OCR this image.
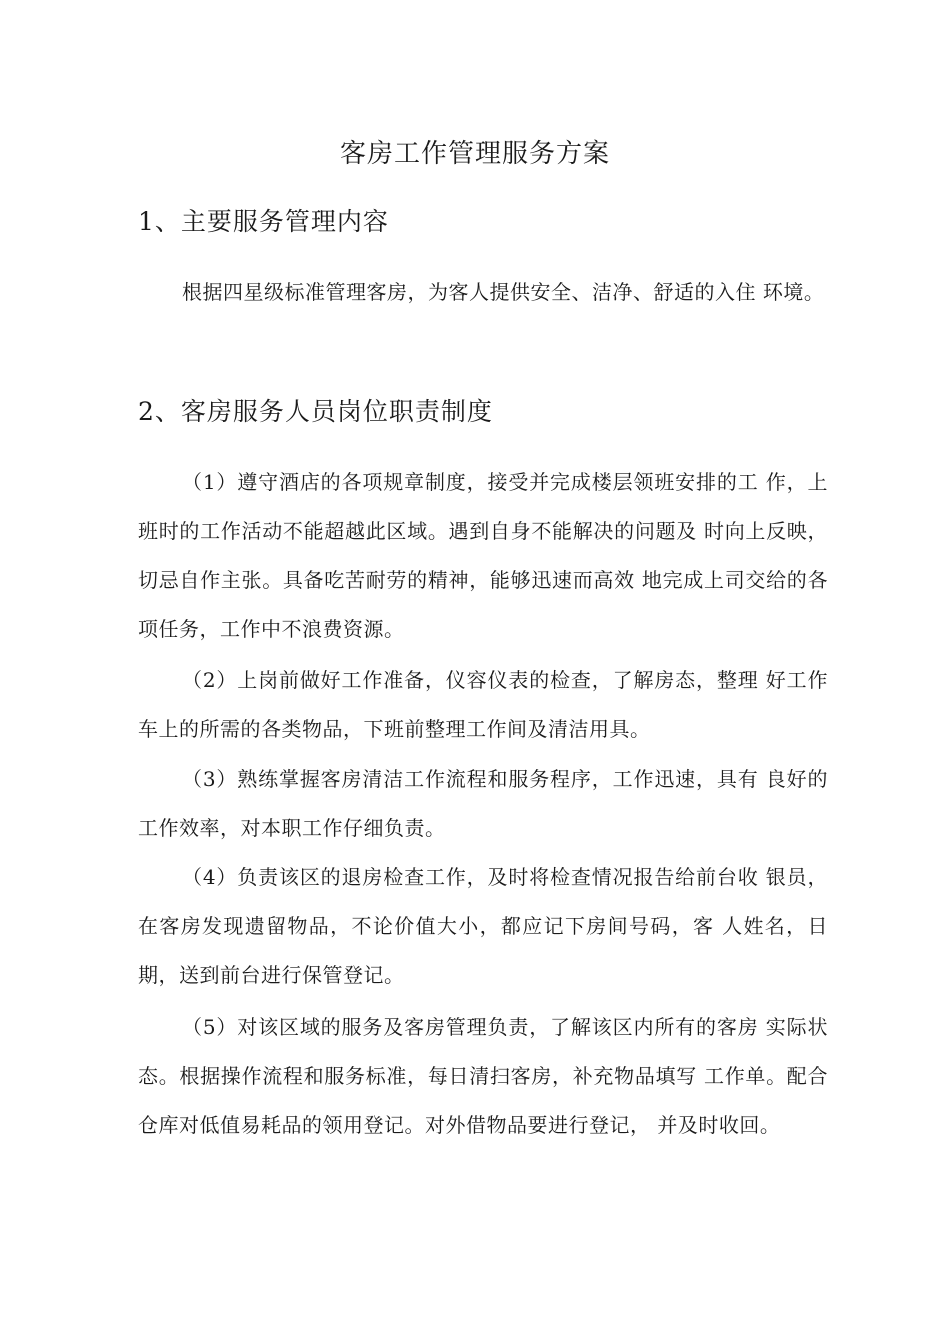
客房工作管理服务方案
1、主要服务管理内容
根据四星级标准管理客房，为客人提供安全、洁净、舒适的入住 环境。
2、客房服务人员岗位职责制度
（1）遵守酒店的各项规章制度，接受并完成楼层领班安排的工 作，上班时的工作活动不能超越此区域。遇到自身不能解决的问题及 时向上反映，切忌自作主张。具备吃苦耐劳的精神，能够迅速而高效 地完成上司交给的各项任务，工作中不浪费资源。
（2）上岗前做好工作准备，仪容仪表的检查，了解房态，整理 好工作车上的所需的各类物品，下班前整理工作间及清洁用具。
（3）熟练掌握客房清洁工作流程和服务程序，工作迅速，具有 良好的工作效率，对本职工作仔细负责。
（4）负责该区的退房检查工作，及时将检查情况报告给前台收 银员，在客房发现遗留物品，不论价值大小，都应记下房间号码，客 人姓名，日期，送到前台进行保管登记。
（5）对该区域的服务及客房管理负责，了解该区内所有的客房 实际状态。根据操作流程和服务标准，每日清扫客房，补充物品填写 工作单。配合仓库对低值易耗品的领用登记。对外借物品要进行登记， 并及时收回。
